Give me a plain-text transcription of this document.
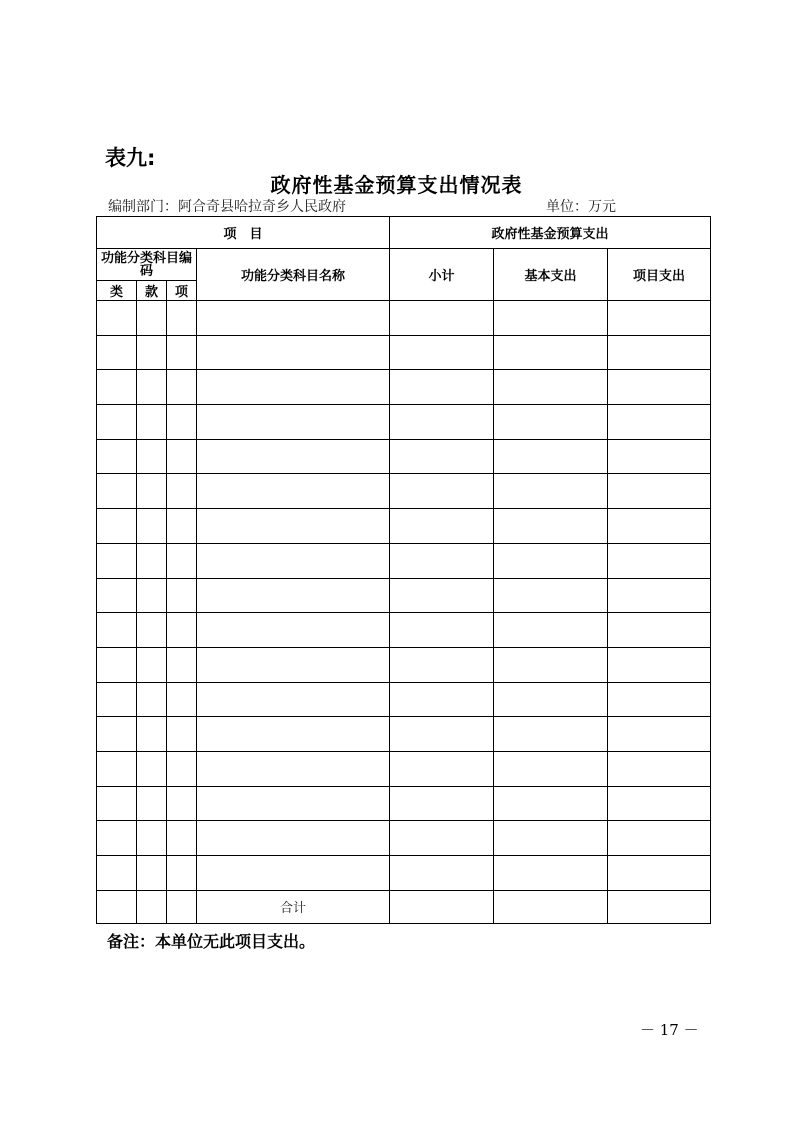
表九:
政府性基金预算支出情况表
编制部门：阿合奇县哈拉奇乡人民政府	单位：万元
项　目				政府性基金预算支出		
功能分类科目编码			功能分类科目名称	小计	基本支出	项目支出
类	款	项				

			合计			
备注：本单位无此项目支出。
－ 17 －
